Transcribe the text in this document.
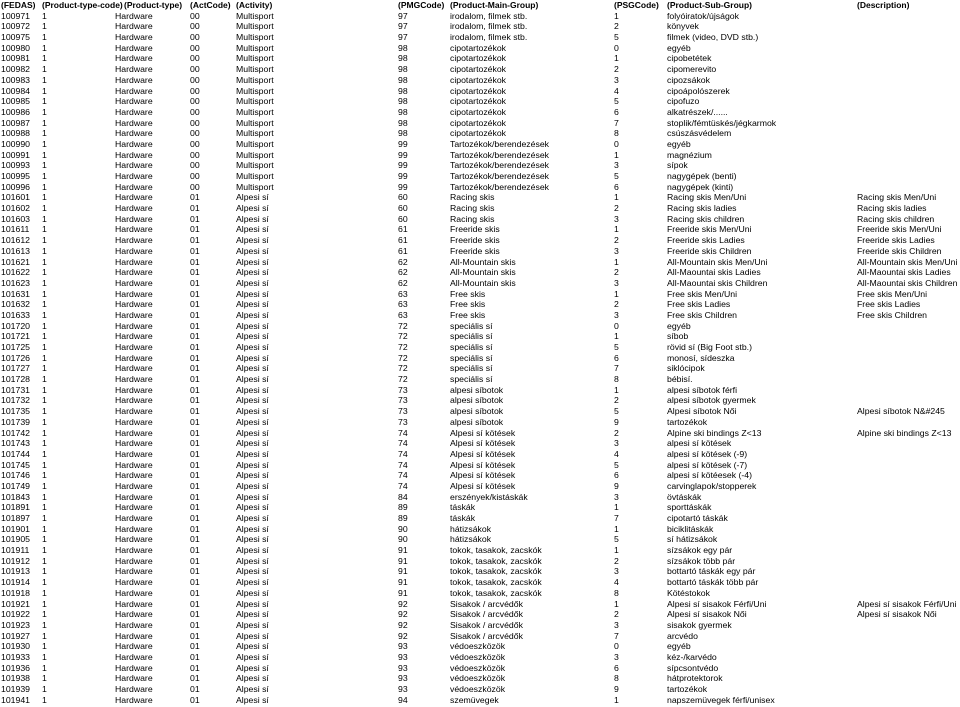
(FEDAS) (Product-type-code) (Product-type) (ActCode) (Activity)	(PMGCode) (Product-Main-Group)	(PSGCode) (Product-Sub-Group)	(Description)
100971	1	Hardware	00	Multisport	97	irodalom, filmek stb.	1	folyóiratok/újságok
100972	1	Hardware	00	Multisport	97	irodalom, filmek stb.	2	könyvek
100975	1	Hardware	00	Multisport	97	irodalom, filmek stb.	5	filmek (video, DVD stb.)
100980	1	Hardware	00	Multisport	98	cipotartozékok	0	egyéb
100981	1	Hardware	00	Multisport	98	cipotartozékok	1	cipobetétek
100982	1	Hardware	00	Multisport	98	cipotartozékok	2	cipomerevito
100983	1	Hardware	00	Multisport	98	cipotartozékok	3	cipozsákok
100984	1	Hardware	00	Multisport	98	cipotartozékok	4	cipoápolószerek
100985	1	Hardware	00	Multisport	98	cipotartozékok	5	cipofuzo
100986	1	Hardware	00	Multisport	98	cipotartozékok	6	alkatrészek/......
100987	1	Hardware	00	Multisport	98	cipotartozékok	7	stoplik/fémtüskés/jégkarmok
100988	1	Hardware	00	Multisport	98	cipotartozékok	8	csúszásvédelem
100990	1	Hardware	00	Multisport	99	Tartozékok/berendezések	0	egyéb
100991	1	Hardware	00	Multisport	99	Tartozékok/berendezések	1	magnézium
100993	1	Hardware	00	Multisport	99	Tartozékok/berendezések	3	sípok
100995	1	Hardware	00	Multisport	99	Tartozékok/berendezések	5	nagygépek (benti)
100996	1	Hardware	00	Multisport	99	Tartozékok/berendezések	6	nagygépek (kinti)
101601	1	Hardware	01	Alpesi sí	60	Racing skis	1	Racing skis Men/Uni	Racing skis Men/Uni
101602	1	Hardware	01	Alpesi sí	60	Racing skis	2	Racing skis ladies	Racing skis ladies
101603	1	Hardware	01	Alpesi sí	60	Racing skis	3	Racing skis children	Racing skis children
101611	1	Hardware	01	Alpesi sí	61	Freeride skis	1	Freeride skis Men/Uni	Freeride skis Men/Uni
101612	1	Hardware	01	Alpesi sí	61	Freeride skis	2	Freeride skis Ladies	Freeride skis Ladies
101613	1	Hardware	01	Alpesi sí	61	Freeride skis	3	Freeride skis Children	Freeride skis Children
101621	1	Hardware	01	Alpesi sí	62	All-Mountain skis	1	All-Mountain skis Men/Uni	All-Mountain skis Men/Uni
101622	1	Hardware	01	Alpesi sí	62	All-Mountain skis	2	All-Maountai skis Ladies	All-Maountai skis Ladies
101623	1	Hardware	01	Alpesi sí	62	All-Mountain skis	3	All-Maountai skis Children	All-Maountai skis Children
101631	1	Hardware	01	Alpesi sí	63	Free skis	1	Free skis Men/Uni	Free skis Men/Uni
101632	1	Hardware	01	Alpesi sí	63	Free skis	2	Free skis Ladies	Free skis Ladies
101633	1	Hardware	01	Alpesi sí	63	Free skis	3	Free skis Children	Free skis Children
101720	1	Hardware	01	Alpesi sí	72	speciális sí	0	egyéb
101721	1	Hardware	01	Alpesi sí	72	speciális sí	1	síbob
101725	1	Hardware	01	Alpesi sí	72	speciális sí	5	rövid sí (Big Foot stb.)
101726	1	Hardware	01	Alpesi sí	72	speciális sí	6	monosí, sídeszka
101727	1	Hardware	01	Alpesi sí	72	speciális sí	7	siklócipok
101728	1	Hardware	01	Alpesi sí	72	speciális sí	8	bébisí.
101731	1	Hardware	01	Alpesi sí	73	alpesi síbotok	1	alpesi síbotok férfi
101732	1	Hardware	01	Alpesi sí	73	alpesi síbotok	2	alpesi síbotok gyermek
101735	1	Hardware	01	Alpesi sí	73	alpesi síbotok	5	Alpesi síbotok Női	Alpesi síbotok N&#245
101739	1	Hardware	01	Alpesi sí	73	alpesi síbotok	9	tartozékok
101742	1	Hardware	01	Alpesi sí	74	Alpesi sí kötések	2	Alpine ski bindings Z<13	Alpine ski bindings Z<13
101743	1	Hardware	01	Alpesi sí	74	Alpesi sí kötések	3	alpesi sí kötések
101744	1	Hardware	01	Alpesi sí	74	Alpesi sí kötések	4	alpesi sí kötések (-9)
101745	1	Hardware	01	Alpesi sí	74	Alpesi sí kötések	5	alpesi sí kötések (-7)
101746	1	Hardware	01	Alpesi sí	74	Alpesi sí kötések	6	alpesi sí kötéesek (-4)
101749	1	Hardware	01	Alpesi sí	74	Alpesi sí kötések	9	carvinglapok/stopperek
101843	1	Hardware	01	Alpesi sí	84	erszények/kistáskák	3	övtáskák
101891	1	Hardware	01	Alpesi sí	89	táskák	1	sporttáskák
101897	1	Hardware	01	Alpesi sí	89	táskák	7	cipotartó táskák
101901	1	Hardware	01	Alpesi sí	90	hátizsákok	1	biciklitáskák
101905	1	Hardware	01	Alpesi sí	90	hátizsákok	5	sí hátizsákok
101911	1	Hardware	01	Alpesi sí	91	tokok, tasakok, zacskók	1	sízsákok egy pár
101912	1	Hardware	01	Alpesi sí	91	tokok, tasakok, zacskók	2	sízsákok több pár
101913	1	Hardware	01	Alpesi sí	91	tokok, tasakok, zacskók	3	bottartó táskák egy pár
101914	1	Hardware	01	Alpesi sí	91	tokok, tasakok, zacskók	4	bottartó táskák több pár
101918	1	Hardware	01	Alpesi sí	91	tokok, tasakok, zacskók	8	Kötéstokok
101921	1	Hardware	01	Alpesi sí	92	Sisakok / arcvédők	1	Alpesi sí sisakok Férfi/Uni	Alpesi sí sisakok Férfi/Uni
101922	1	Hardware	01	Alpesi sí	92	Sisakok / arcvédők	2	Alpesi sí sisakok Női	Alpesi sí sisakok Női
101923	1	Hardware	01	Alpesi sí	92	Sisakok / arcvédők	3	sisakok gyermek
101927	1	Hardware	01	Alpesi sí	92	Sisakok / arcvédők	7	arcvédo
101930	1	Hardware	01	Alpesi sí	93	védoeszközök	0	egyéb
101933	1	Hardware	01	Alpesi sí	93	védoeszközök	3	kéz-/karvédo
101936	1	Hardware	01	Alpesi sí	93	védoeszközök	6	sípcsontvédo
101938	1	Hardware	01	Alpesi sí	93	védoeszközök	8	hátprotektorok
101939	1	Hardware	01	Alpesi sí	93	védoeszközök	9	tartozékok
101941	1	Hardware	01	Alpesi sí	94	szemüvegek	1	napszemüvegek férfi/unisex
